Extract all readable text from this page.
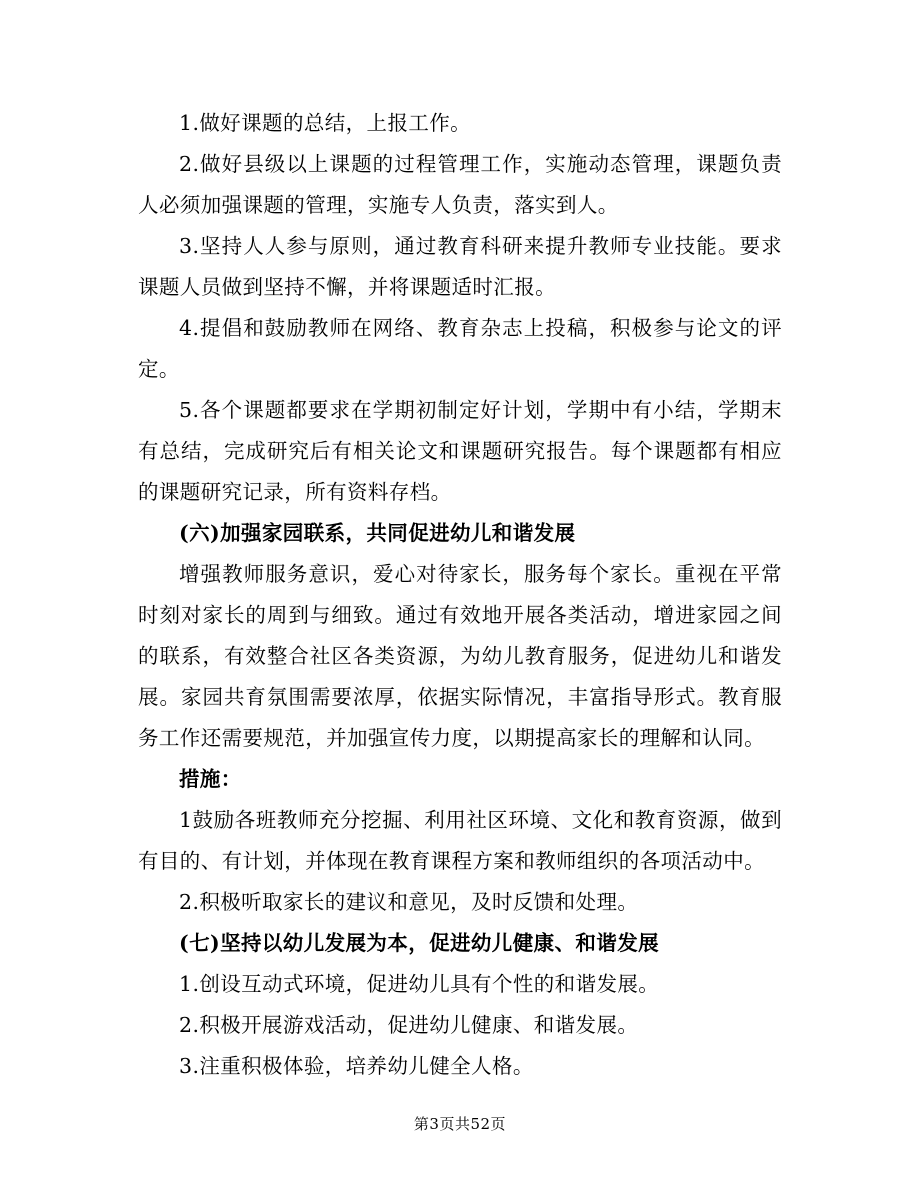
1.做好课题的总结，上报工作。

2.做好县级以上课题的过程管理工作，实施动态管理，课题负责人必须加强课题的管理，实施专人负责，落实到人。

3.坚持人人参与原则，通过教育科研来提升教师专业技能。要求课题人员做到坚持不懈，并将课题适时汇报。

4.提倡和鼓励教师在网络、教育杂志上投稿，积极参与论文的评定。

5.各个课题都要求在学期初制定好计划，学期中有小结，学期末有总结，完成研究后有相关论文和课题研究报告。每个课题都有相应的课题研究记录，所有资料存档。

(六)加强家园联系，共同促进幼儿和谐发展

增强教师服务意识，爱心对待家长，服务每个家长。重视在平常时刻对家长的周到与细致。通过有效地开展各类活动，增进家园之间的联系，有效整合社区各类资源，为幼儿教育服务，促进幼儿和谐发展。家园共育氛围需要浓厚，依据实际情况，丰富指导形式。教育服务工作还需要规范，并加强宣传力度，以期提高家长的理解和认同。

措施：

1鼓励各班教师充分挖掘、利用社区环境、文化和教育资源，做到有目的、有计划，并体现在教育课程方案和教师组织的各项活动中。

2.积极听取家长的建议和意见，及时反馈和处理。

(七)坚持以幼儿发展为本，促进幼儿健康、和谐发展

1.创设互动式环境，促进幼儿具有个性的和谐发展。

2.积极开展游戏活动，促进幼儿健康、和谐发展。

3.注重积极体验，培养幼儿健全人格。

第3页共52页
